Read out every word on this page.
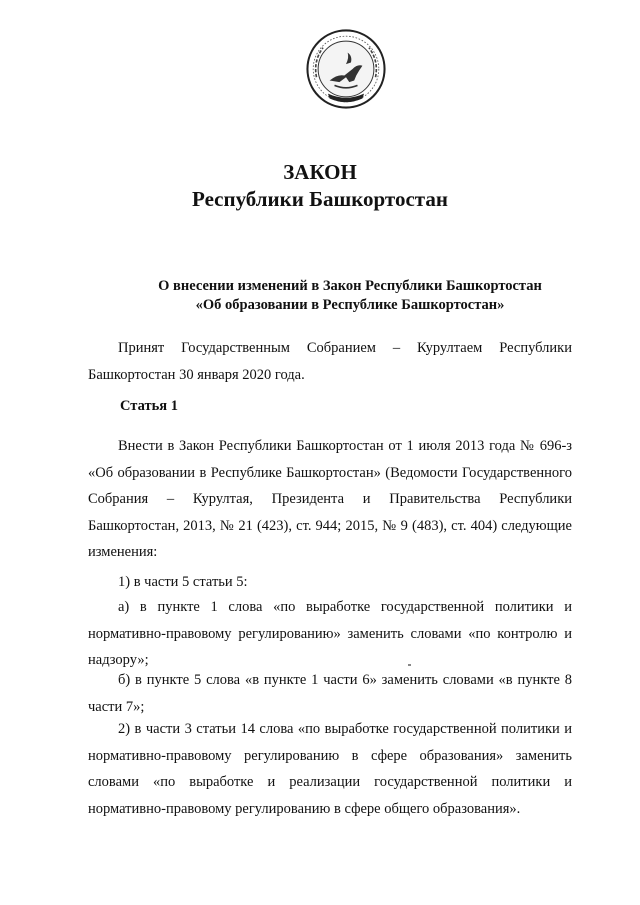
ЗАКОН
Республики Башкортостан

О внесении изменений в Закон Республики Башкортостан

«Об образовании в Республике Башкортостан»

Принят Государственным Собранием – Курултаем Республики Башкортостан 30 января 2020 года.

Статья 1

Внести в Закон Республики Башкортостан от 1 июля 2013 года № 696-з «Об образовании в Республике Башкортостан» (Ведомости Государственного Собрания – Курултая, Президента и Правительства Республики Башкортостан, 2013, № 21 (423), ст. 944; 2015, № 9 (483), ст. 404) следующие изменения:

1) в части 5 статьи 5:

а) в пункте 1 слова «по выработке государственной политики и нормативно-правовому регулированию» заменить словами «по контролю и надзору»;

б) в пункте 5 слова «в пункте 1 части 6» заменить словами «в пункте 8 части 7»;

2) в части 3 статьи 14 слова «по выработке государственной политики и нормативно-правовому регулированию в сфере образования» заменить словами «по выработке и реализации государственной политики и нормативно-правовому регулированию в сфере общего образования».
